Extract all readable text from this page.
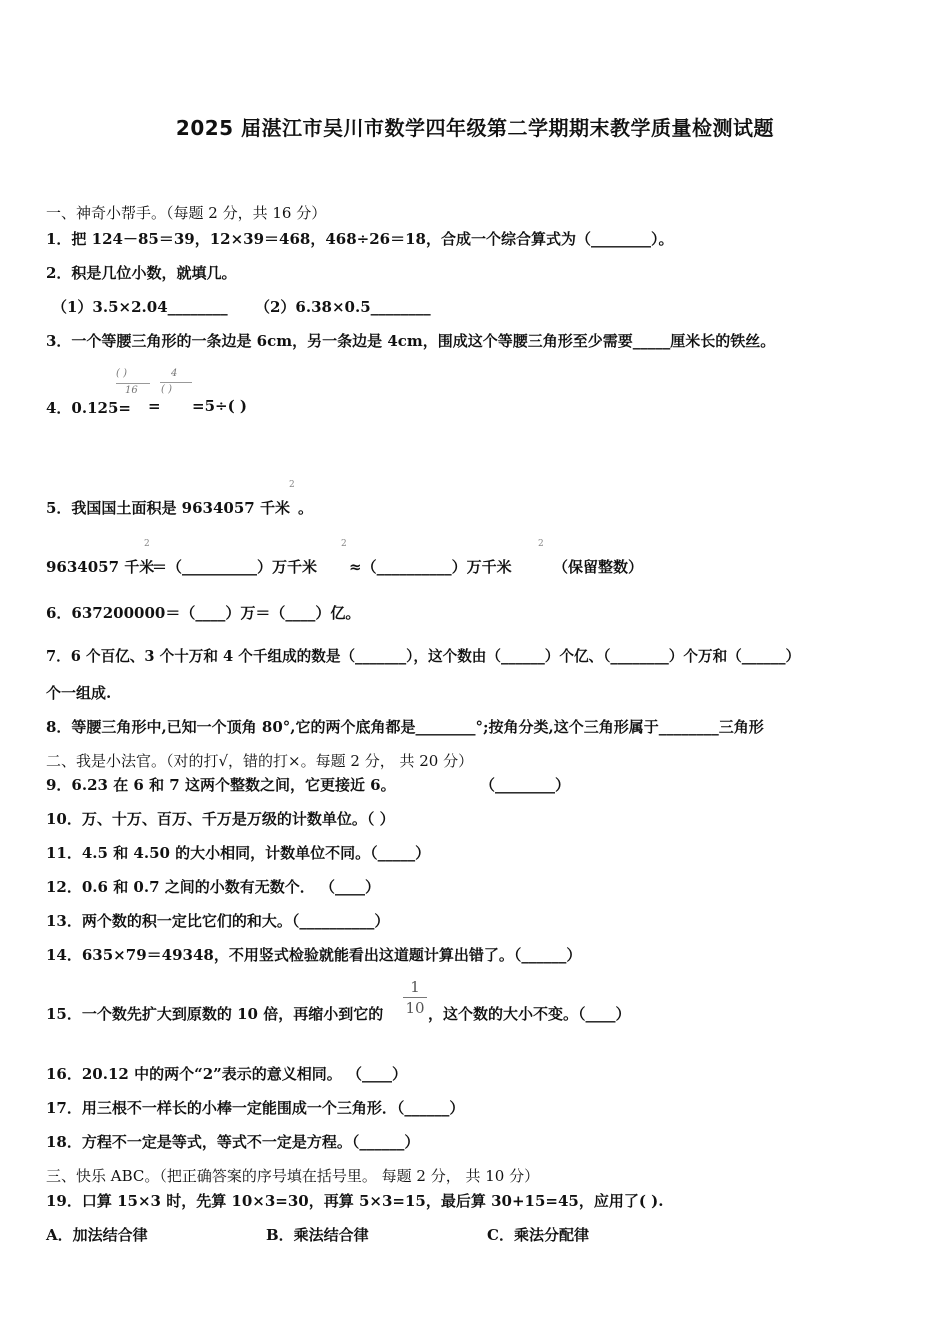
2025 届湛江市吴川市数学四年级第二学期期末教学质量检测试题
一、神奇小帮手。（每题 2 分，共 16 分）
1．把 124－85＝39，12×39＝468，468÷26＝18，合成一个综合算式为（________）。
2．积是几位小数，就填几。
（1）3.5×2.04________ （2）6.38×0.5________
3．一个等腰三角形的一条边是 6cm，另一条边是 4cm，围成这个等腰三角形至少需要_____厘米长的铁丝。
4．0.125=
( )
16
=
4
( )
=5÷( )
5．我国国土面积是 9634057 千米
2
。
9634057 千米
2
＝（__________）万千米
2
≈（__________）万千米
2
（保留整数）
6．637200000＝（____）万＝（____）亿。
7．6 个百亿、3 个十万和 4 个千组成的数是（_______），这个数由（______）个亿、（________）个万和（______）
个一组成.
8．等腰三角形中,已知一个顶角 80°,它的两个底角都是________°;按角分类,这个三角形属于________三角形
二、我是小法官。（对的打√，错的打×。每题 2 分， 共 20 分）
9．6.23 在 6 和 7 这两个整数之间，它更接近 6。	（________）
10．万、十万、百万、千万是万级的计数单位。（ ）
11．4.5 和 4.50 的大小相同，计数单位不同。（_____）
12．0.6 和 0.7 之间的小数有无数个． （____）
13．两个数的积一定比它们的和大。（__________）
14．635×79＝49348，不用竖式检验就能看出这道题计算出错了。（______）
15．一个数先扩大到原数的 10 倍，再缩小到它的
1
10 ，这个数的大小不变。（____）
16．20.12 中的两个“2”表示的意义相同。 （____）
17．用三根不一样长的小棒一定能围成一个三角形．（______）
18．方程不一定是等式，等式不一定是方程。（______）
三、快乐 ABC。（把正确答案的序号填在括号里。 每题 2 分， 共 10 分）
19．口算 15×3 时，先算 10×3=30，再算 5×3=15，最后算 30+15=45，应用了( ).
A．加法结合律	B．乘法结合律	C．乘法分配律
